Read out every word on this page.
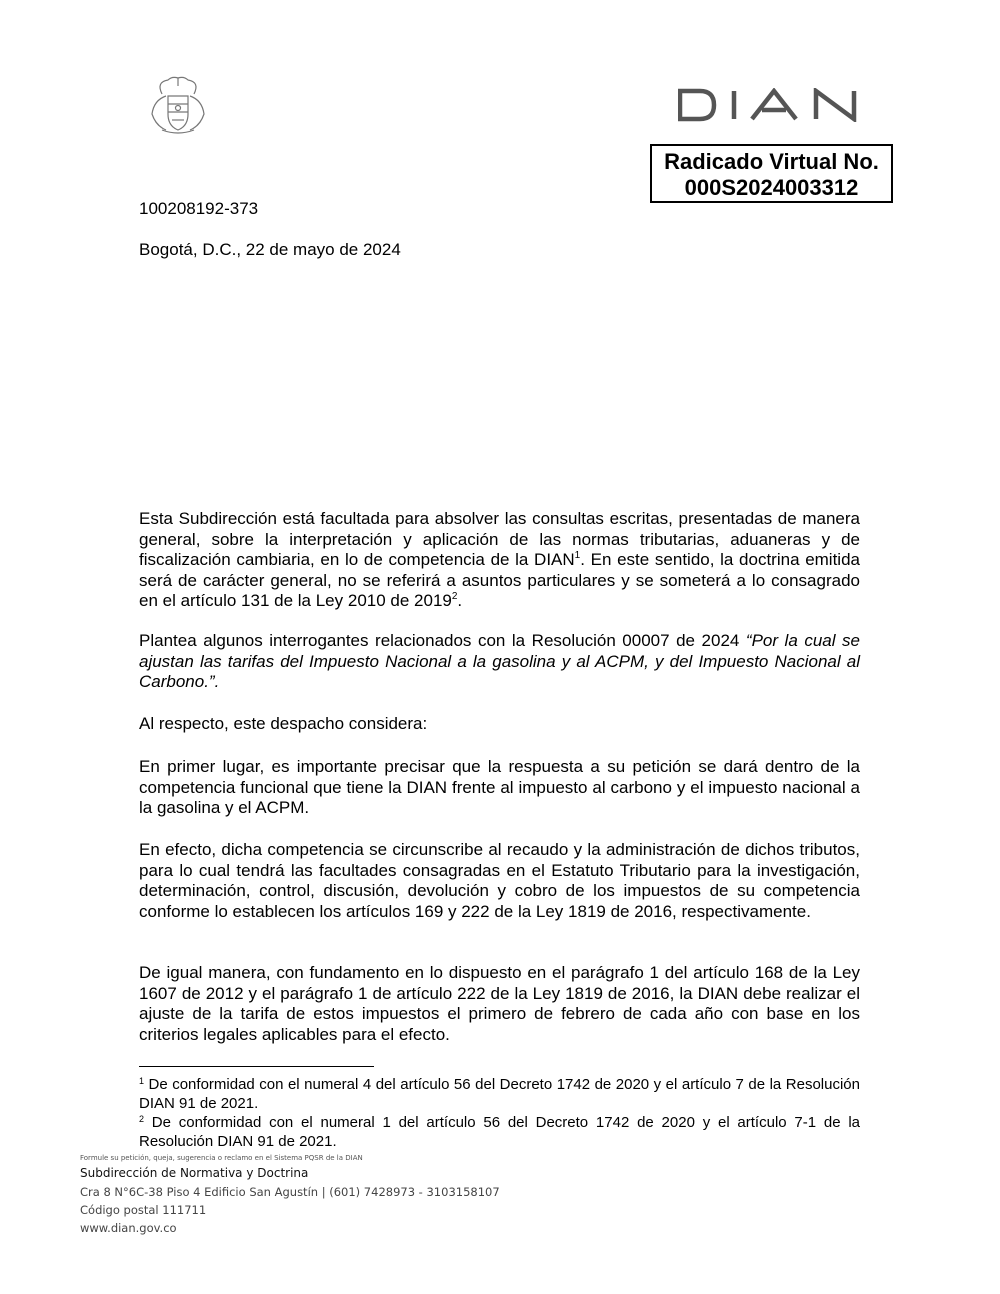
Radicado Virtual No.
000S2024003312
100208192-373
Bogotá, D.C., 22 de mayo de 2024

Esta Subdirección está facultada para absolver las consultas escritas, presentadas de manera general, sobre la interpretación y aplicación de las normas tributarias, aduaneras y de fiscalización cambiaria, en lo de competencia de la DIAN$^1$. En este sentido, la doctrina emitida será de carácter general, no se referirá a asuntos particulares y se someterá a lo consagrado en el artículo 131 de la Ley 2010 de 2019$^2$.

Plantea algunos interrogantes relacionados con la Resolución 00007 de 2024 “Por la cual se ajustan las tarifas del Impuesto Nacional a la gasolina y al ACPM, y del Impuesto Nacional al Carbono.”.

Al respecto, este despacho considera:

En primer lugar, es importante precisar que la respuesta a su petición se dará dentro de la competencia funcional que tiene la DIAN frente al impuesto al carbono y el impuesto nacional a la gasolina y el ACPM.

En efecto, dicha competencia se circunscribe al recaudo y la administración de dichos tributos, para lo cual tendrá las facultades consagradas en el Estatuto Tributario para la investigación, determinación, control, discusión, devolución y cobro de los impuestos de su competencia conforme lo establecen los artículos 169 y 222 de la Ley 1819 de 2016, respectivamente.

De igual manera, con fundamento en lo dispuesto en el parágrafo 1 del artículo 168 de la Ley 1607 de 2012 y el parágrafo 1 de artículo 222 de la Ley 1819 de 2016, la DIAN debe realizar el ajuste de la tarifa de estos impuestos el primero de febrero de cada año con base en los criterios legales aplicables para el efecto.

$^1$ De conformidad con el numeral 4 del artículo 56 del Decreto 1742 de 2020 y el artículo 7 de la Resolución DIAN 91 de 2021.
$^2$ De conformidad con el numeral 1 del artículo 56 del Decreto 1742 de 2020 y el artículo 7-1 de la Resolución DIAN 91 de 2021.
Formule su petición, queja, sugerencia o reclamo en el Sistema PQSR de la DIAN
Subdirección de Normativa y Doctrina
Cra 8 N°6C-38 Piso 4 Edificio San Agustín | (601) 7428973 - 3103158107
Código postal 111711
www.dian.gov.co
